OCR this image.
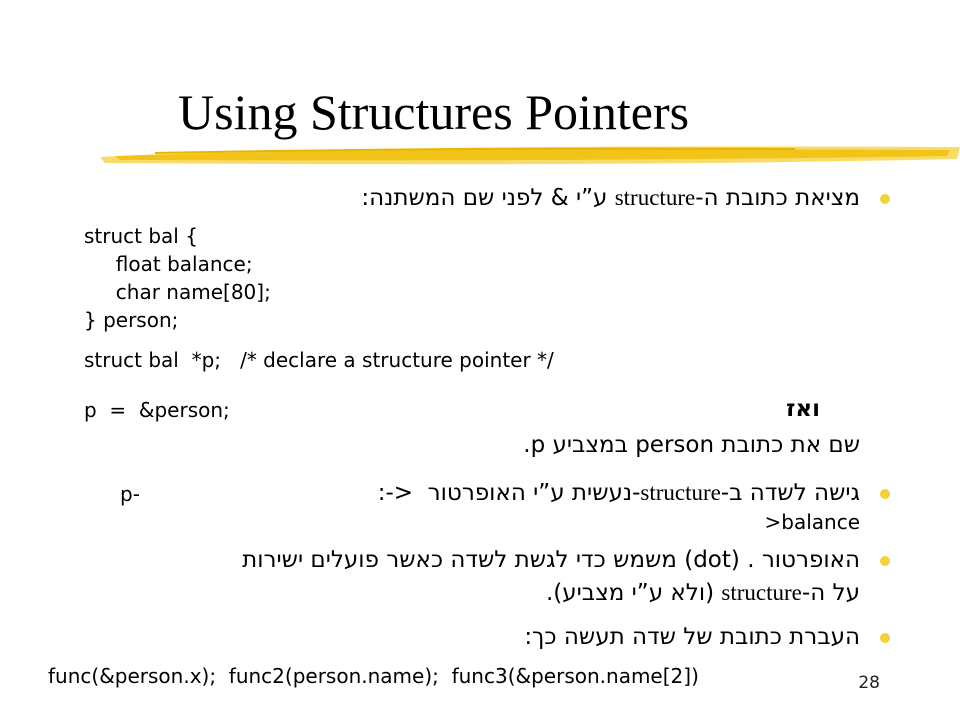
Using Structures Pointers
מציאת כתובת ה-structure ע”י & לפני שם המשתנה:
struct bal {
float balance;
char name[80];
} person;
struct bal  *p;   /* declare a structure pointer */
p  =  &person;	ואז
שם את כתובת person במצביע p.
גישה לשדה ב-structure-נעשית ע”י האופרטור  <-:
p-
>balance
האופרטור . (dot) משמש כדי לגשת לשדה כאשר פועלים ישירות
על ה-structure (ולא ע”י מצביע).
העברת כתובת של שדה תעשה כך:
func(&person.x);  func2(person.name);  func3(&person.name[2])	28
